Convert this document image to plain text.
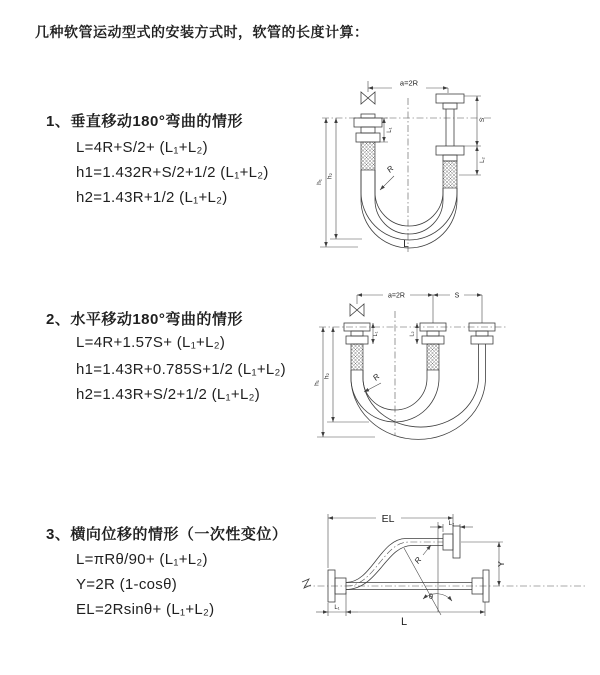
几种软管运动型式的安装方式时，软管的长度计算：
1、垂直移动180°弯曲的情形
L=4R+S/2+ (L₁+L₂)
h1=1.432R+S/2+1/2 (L₁+L₂)
h2=1.43R+1/2 (L₁+L₂)
2、水平移动180°弯曲的情形
L=4R+1.57S+ (L₁+L₂)
h1=1.43R+0.785S+1/2 (L₁+L₂)
h2=1.43R+S/2+1/2 (L₁+L₂)
3、横向位移的情形（一次性变位）
L=πRθ/90+ (L₁+L₂)
Y=2R (1-cosθ)
EL=2Rsinθ+ (L₁+L₂)
a=2R
h₁
h₂
L₁
S
L₂
R
L
a=2R	S
h₁
h₂
L₁	L₂
R
EL	L₂
Y
R
θ
L₁
L
